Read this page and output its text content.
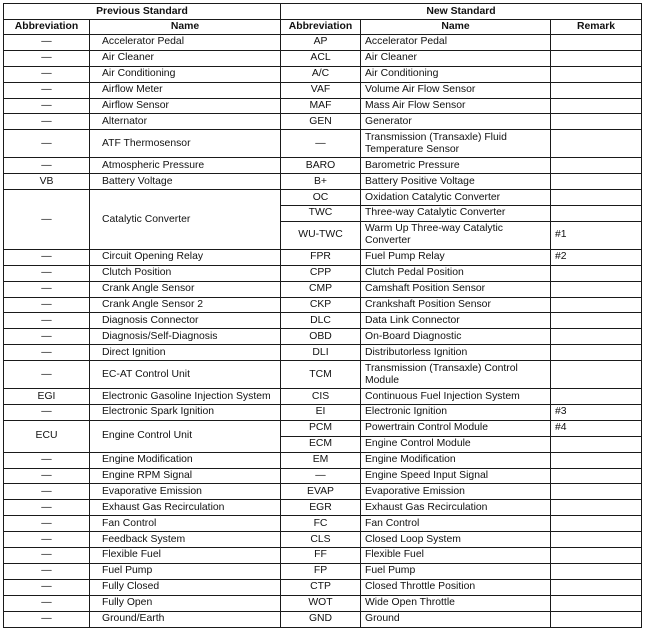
Previous Standard		New Standard		
Abbreviation	Name	Abbreviation	Name	Remark
—	Accelerator Pedal	AP	Accelerator Pedal	
—	Air Cleaner	ACL	Air Cleaner	
—	Air Conditioning	A/C	Air Conditioning	
—	Airflow Meter	VAF	Volume Air Flow Sensor	
—	Airflow Sensor	MAF	Mass Air Flow Sensor	
—	Alternator	GEN	Generator	
—	ATF Thermosensor	—	Transmission (Transaxle) Fluid Temperature Sensor	
—	Atmospheric Pressure	BARO	Barometric Pressure	
VB	Battery Voltage	B+	Battery Positive Voltage	
—	Catalytic Converter	OC	Oxidation Catalytic Converter	
		TWC	Three-way Catalytic Converter	
		WU-TWC	Warm Up Three-way Catalytic Converter	#1
—	Circuit Opening Relay	FPR	Fuel Pump Relay	#2
—	Clutch Position	CPP	Clutch Pedal Position	
—	Crank Angle Sensor	CMP	Camshaft Position Sensor	
—	Crank Angle Sensor 2	CKP	Crankshaft Position Sensor	
—	Diagnosis Connector	DLC	Data Link Connector	
—	Diagnosis/Self-Diagnosis	OBD	On-Board Diagnostic	
—	Direct Ignition	DLI	Distributorless Ignition	
—	EC-AT Control Unit	TCM	Transmission (Transaxle) Control Module	
EGI	Electronic Gasoline Injection System	CIS	Continuous Fuel Injection System	
—	Electronic Spark Ignition	EI	Electronic Ignition	#3
ECU	Engine Control Unit	PCM	Powertrain Control Module	#4
		ECM	Engine Control Module	
—	Engine Modification	EM	Engine Modification	
—	Engine RPM Signal	—	Engine Speed Input Signal	
—	Evaporative Emission	EVAP	Evaporative Emission	
—	Exhaust Gas Recirculation	EGR	Exhaust Gas Recirculation	
—	Fan Control	FC	Fan Control	
—	Feedback System	CLS	Closed Loop System	
—	Flexible Fuel	FF	Flexible Fuel	
—	Fuel Pump	FP	Fuel Pump	
—	Fully Closed	CTP	Closed Throttle Position	
—	Fully Open	WOT	Wide Open Throttle	
—	Ground/Earth	GND	Ground	
